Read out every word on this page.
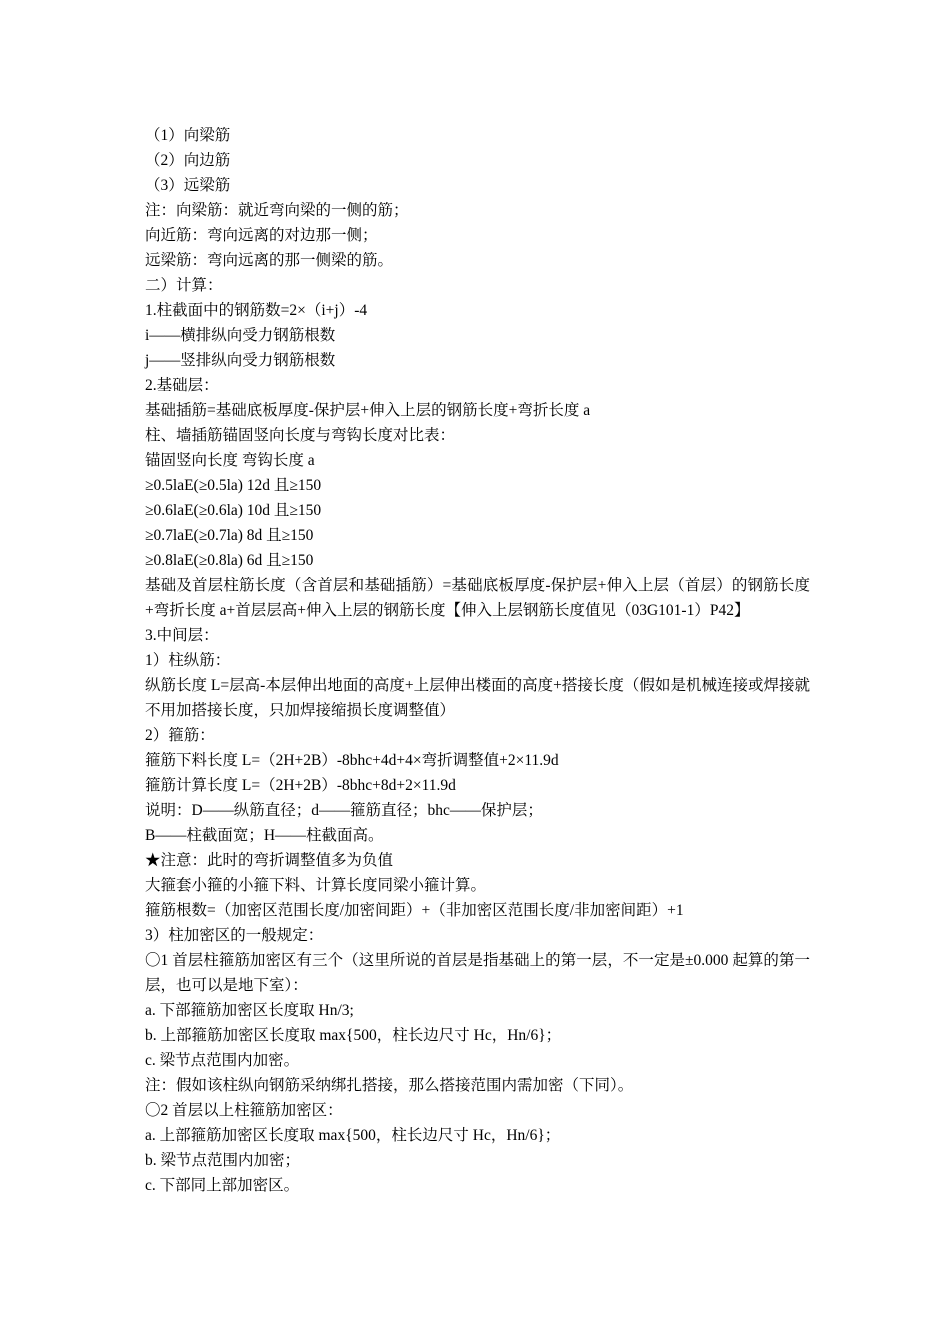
（1）向梁筋
（2）向边筋
（3）远梁筋
注：向梁筋：就近弯向梁的一侧的筋；
向近筋：弯向远离的对边那一侧；
远梁筋：弯向远离的那一侧梁的筋。
二）计算：
1.柱截面中的钢筋数=2×（i+j）-4
i——横排纵向受力钢筋根数
j——竖排纵向受力钢筋根数
2.基础层：
基础插筋=基础底板厚度-保护层+伸入上层的钢筋长度+弯折长度 a
柱、墙插筋锚固竖向长度与弯钩长度对比表：
锚固竖向长度 弯钩长度 a
≥0.5laE(≥0.5la) 12d 且≥150
≥0.6laE(≥0.6la) 10d 且≥150
≥0.7laE(≥0.7la) 8d 且≥150
≥0.8laE(≥0.8la) 6d 且≥150
基础及首层柱筋长度（含首层和基础插筋）=基础底板厚度-保护层+伸入上层（首层）的钢筋长度+弯折长度 a+首层层高+伸入上层的钢筋长度【伸入上层钢筋长度值见（03G101-1）P42】
3.中间层：
1）柱纵筋：
纵筋长度 L=层高-本层伸出地面的高度+上层伸出楼面的高度+搭接长度（假如是机械连接或焊接就不用加搭接长度，只加焊接缩损长度调整值）
2）箍筋：
箍筋下料长度 L=（2H+2B）-8bhc+4d+4×弯折调整值+2×11.9d
箍筋计算长度 L=（2H+2B）-8bhc+8d+2×11.9d
说明：D——纵筋直径；d——箍筋直径；bhc——保护层；
B——柱截面宽；H——柱截面高。
★注意：此时的弯折调整值多为负值
大箍套小箍的小箍下料、计算长度同梁小箍计算。
箍筋根数=（加密区范围长度/加密间距）+（非加密区范围长度/非加密间距）+1
3）柱加密区的一般规定：
〇1 首层柱箍筋加密区有三个（这里所说的首层是指基础上的第一层，不一定是±0.000 起算的第一层，也可以是地下室）：
a. 下部箍筋加密区长度取 Hn/3;
b. 上部箍筋加密区长度取 max{500，柱长边尺寸 Hc，Hn/6}；
c. 梁节点范围内加密。
注：假如该柱纵向钢筋采纳绑扎搭接，那么搭接范围内需加密（下同）。
〇2 首层以上柱箍筋加密区：
a. 上部箍筋加密区长度取 max{500，柱长边尺寸 Hc，Hn/6}；
b. 梁节点范围内加密；
c. 下部同上部加密区。
